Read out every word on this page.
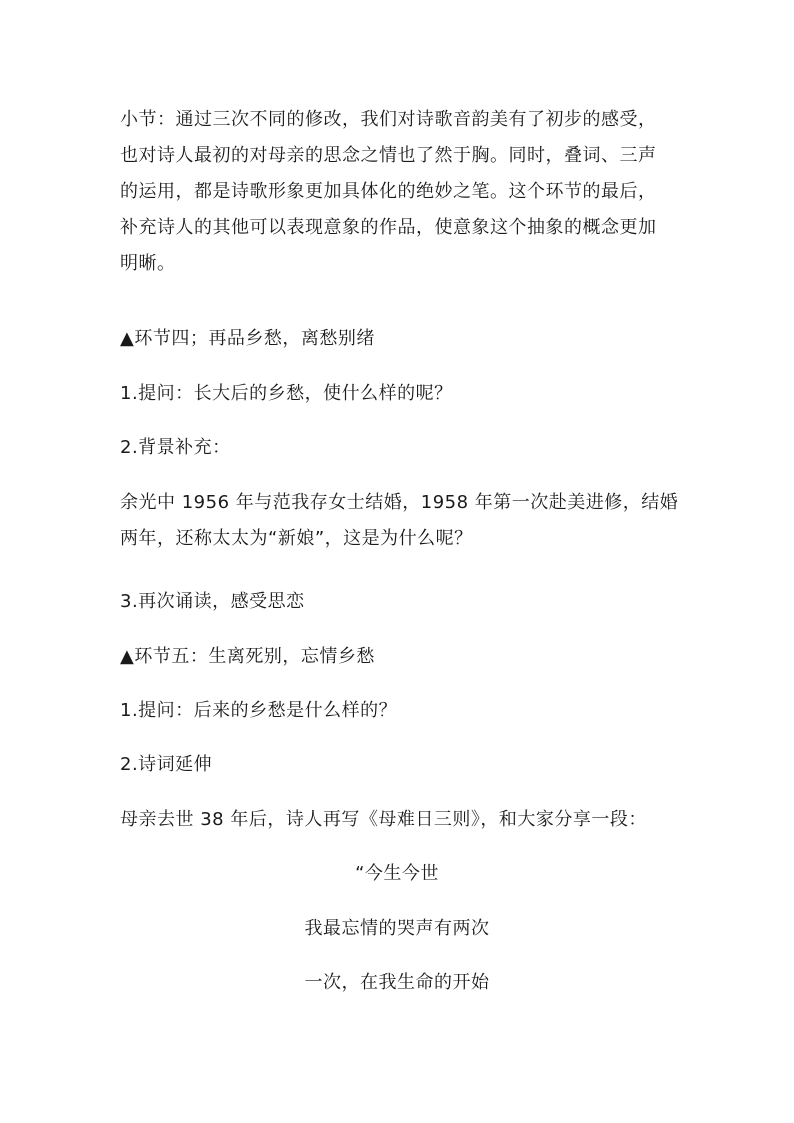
小节：通过三次不同的修改，我们对诗歌音韵美有了初步的感受，
也对诗人最初的对母亲的思念之情也了然于胸。同时，叠词、三声
的运用，都是诗歌形象更加具体化的绝妙之笔。这个环节的最后，
补充诗人的其他可以表现意象的作品，使意象这个抽象的概念更加
明晰。
▲环节四；再品乡愁，离愁别绪
1.提问：长大后的乡愁，使什么样的呢？
2.背景补充：
余光中 1956 年与范我存女士结婚，1958 年第一次赴美进修，结婚
两年，还称太太为“新娘”，这是为什么呢？
3.再次诵读，感受思恋
▲环节五：生离死别，忘情乡愁
1.提问：后来的乡愁是什么样的？
2.诗词延伸
母亲去世 38 年后，诗人再写《母难日三则》，和大家分享一段：
“今生今世
我最忘情的哭声有两次
一次，在我生命的开始
